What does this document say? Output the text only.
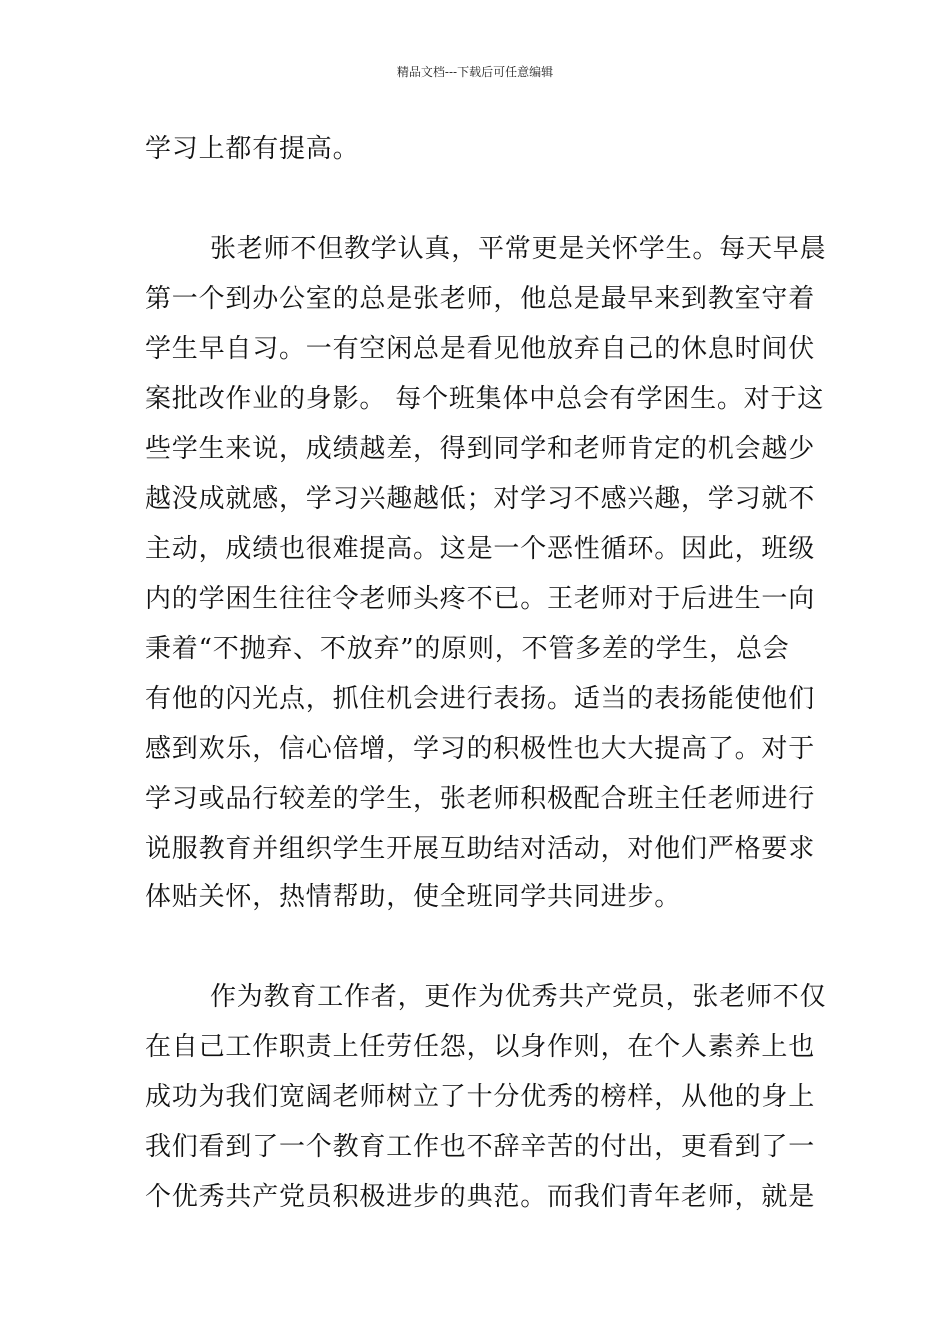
精品文档---下载后可任意编辑
学习上都有提高。
张老师不但教学认真，平常更是关怀学生。每天早晨
第一个到办公室的总是张老师，他总是最早来到教室守着
学生早自习。一有空闲总是看见他放弃自己的休息时间伏
案批改作业的身影。 每个班集体中总会有学困生。对于这
些学生来说，成绩越差，得到同学和老师肯定的机会越少
越没成就感，学习兴趣越低；对学习不感兴趣，学习就不
主动，成绩也很难提高。这是一个恶性循环。因此，班级
内的学困生往往令老师头疼不已。王老师对于后进生一向
秉着“不抛弃、不放弃”的原则，不管多差的学生，总会
有他的闪光点，抓住机会进行表扬。适当的表扬能使他们
感到欢乐，信心倍增，学习的积极性也大大提高了。对于
学习或品行较差的学生，张老师积极配合班主任老师进行
说服教育并组织学生开展互助结对活动，对他们严格要求
体贴关怀，热情帮助，使全班同学共同进步。
作为教育工作者，更作为优秀共产党员，张老师不仅
在自己工作职责上任劳任怨，以身作则，在个人素养上也
成功为我们宽阔老师树立了十分优秀的榜样，从他的身上
我们看到了一个教育工作也不辞辛苦的付出，更看到了一
个优秀共产党员积极进步的典范。而我们青年老师，就是
